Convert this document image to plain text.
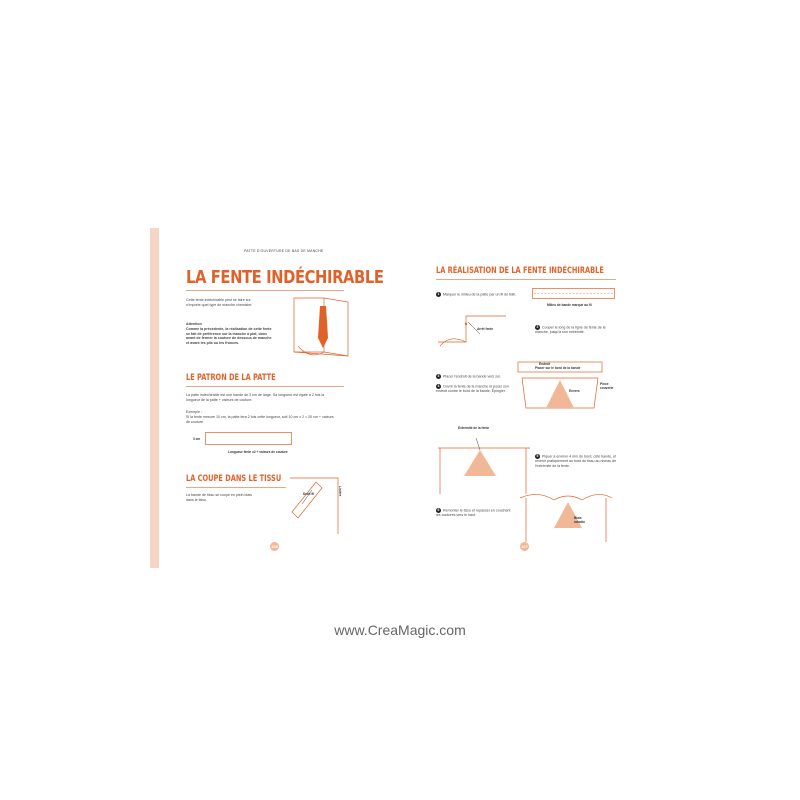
PATTE D'OUVERTURE DE BAS DE MANCHE
LA FENTE INDÉCHIRABLE
Cette fente indéchirable peut se faire sur n'importe quel type de manche chemisier.
Attention
Comme la précédente, la réalisation de cette fente se fait de préférence sur la manche à plat, donc avant de fermer la couture de dessous de manche et avant les plis ou les fronces.
LE PATRON DE LA PATTE
La patte indéchirable est une bande de 3 cm de large. Sa longueur est égale à 2 fois la longueur de la patte + valeurs de couture.
Exemple :
Si la fente mesure 10 cm, la patte fera 2 fois cette longueur, soit 10 cm x 2 = 20 cm + valeurs de couture.
3 cm
Longueur fente x2 + valeurs de couture
LA COUPE DANS LE TISSU
La bande de tissu se coupe en plein biais dans le tissu.
Droit fil	Lisière
106
LA RÉALISATION DE LA FENTE INDÉCHIRABLE
1 Marquer le milieu de la patte par un fil de bâti.
Milieu de bande marqué au fil
Arrêt fente	2 Couper le long de la ligne de fente de la manche, jusqu'à son extrémité.
Endroit
Placer sur le bord de la bande
Envers
Pince couverte
3 Placer l'endroit de la bande vers soi.
4 Ouvrir la fente de la manche et poser son endroit contre le bord de la bande. Épingler.
Extrémité de la fente
5 Piquer à environ 4 mm du bord, côté bande, et revenir pratiquement au bord du tissu au niveau de l'extrémité de la fente.
6 Remonter le tissu et repasser en couchant les coutures vers le haut.
Biais rabattu
107
www.CreaMagic.com
